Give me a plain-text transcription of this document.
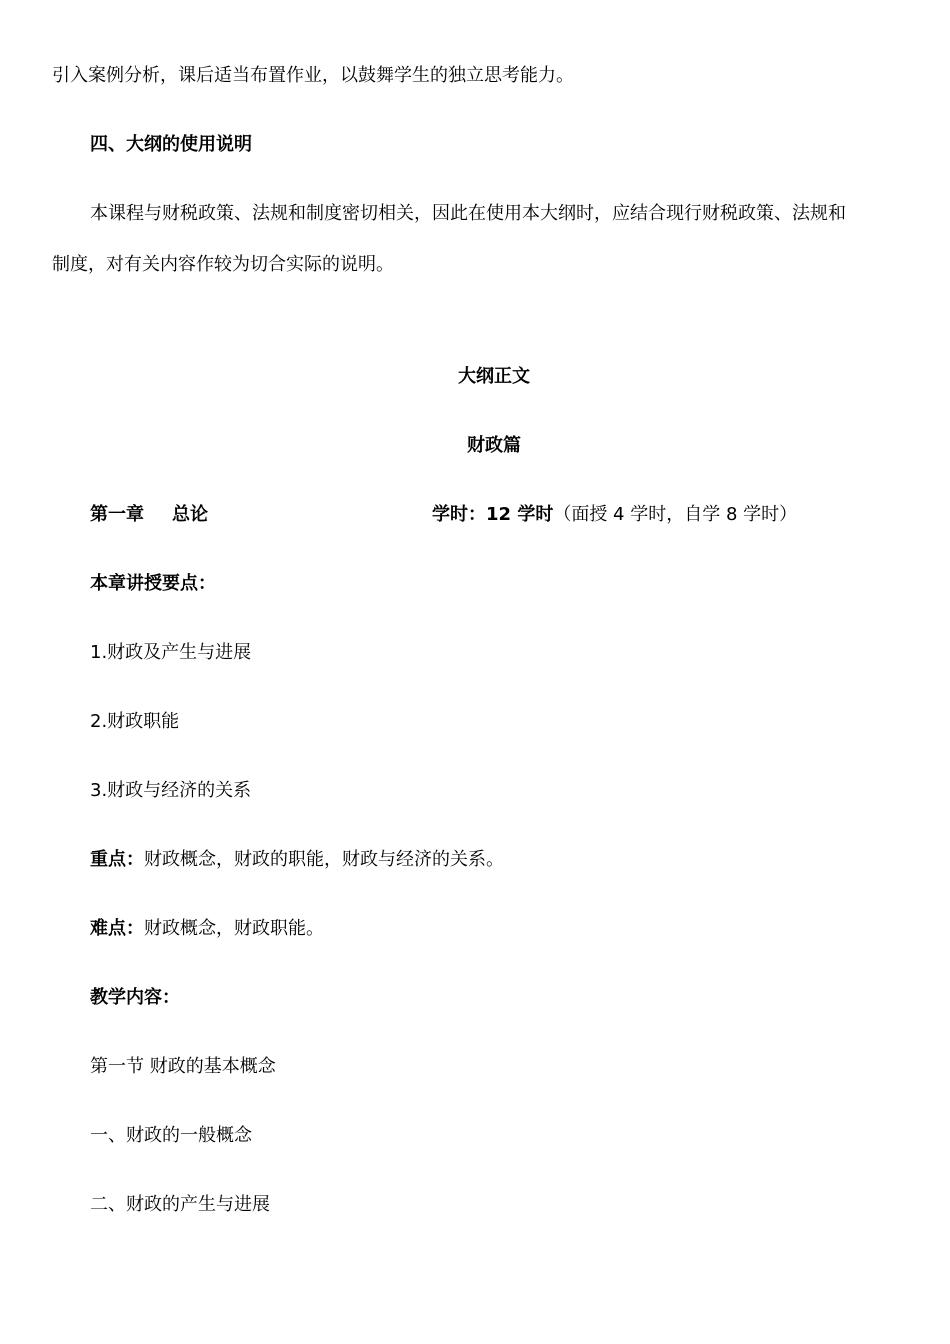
引入案例分析，课后适当布置作业，以鼓舞学生的独立思考能力。
四、大纲的使用说明
本课程与财税政策、法规和制度密切相关，因此在使用本大纲时，应结合现行财税政策、法规和
制度，对有关内容作较为切合实际的说明。
大纲正文
财政篇
第一章 总论	学时：12 学时（面授 4 学时，自学 8 学时）
本章讲授要点：
1.财政及产生与进展
2.财政职能
3.财政与经济的关系
重点：财政概念，财政的职能，财政与经济的关系。
难点：财政概念，财政职能。
教学内容：
第一节 财政的基本概念
一、财政的一般概念
二、财政的产生与进展
